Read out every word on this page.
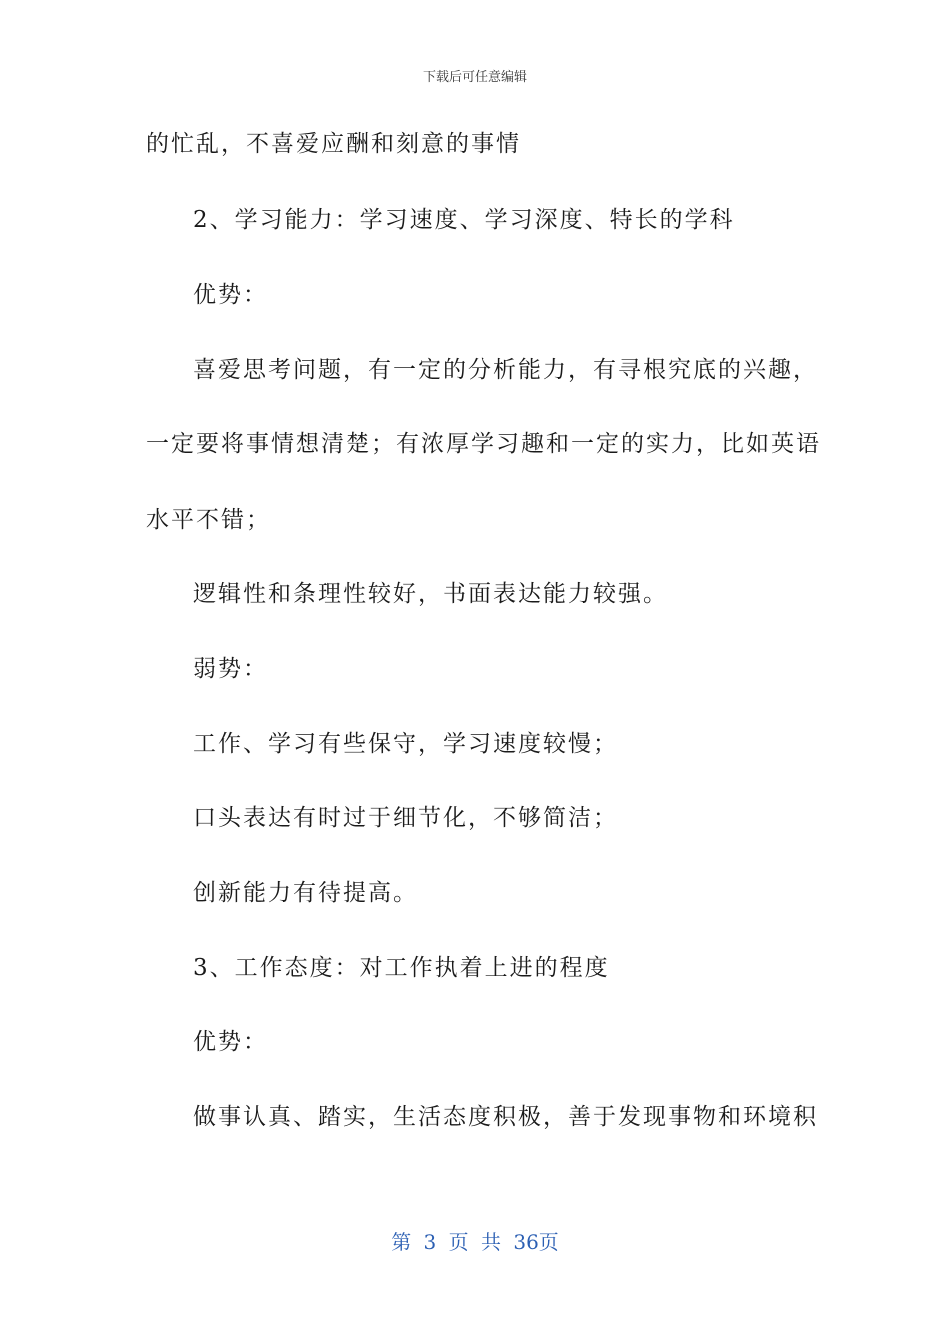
下载后可任意编辑
的忙乱，不喜爱应酬和刻意的事情
2、学习能力：学习速度、学习深度、特长的学科
优势：
喜爱思考问题，有一定的分析能力，有寻根究底的兴趣，
一定要将事情想清楚；有浓厚学习趣和一定的实力，比如英语
水平不错；
逻辑性和条理性较好，书面表达能力较强。
弱势：
工作、学习有些保守，学习速度较慢；
口头表达有时过于细节化，不够简洁；
创新能力有待提高。
3、工作态度：对工作执着上进的程度
优势：
做事认真、踏实，生活态度积极，善于发现事物和环境积
第 3 页 共 36页
